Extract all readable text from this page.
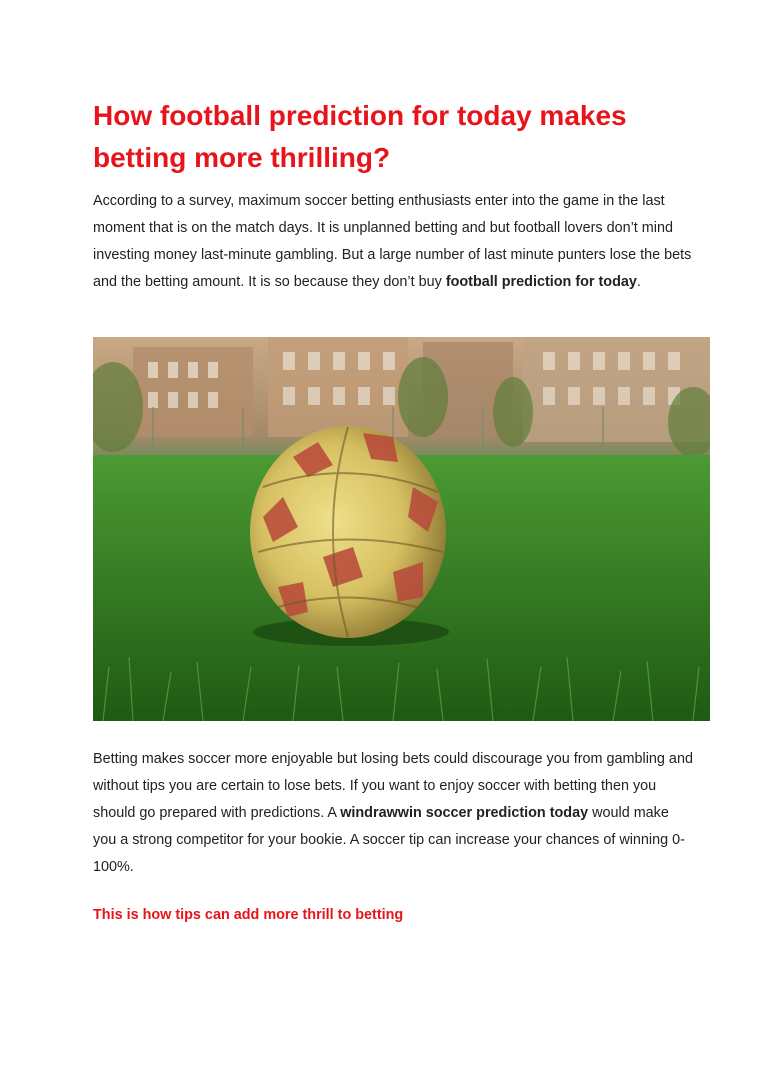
How football prediction for today makes betting more thrilling?

According to a survey, maximum soccer betting enthusiasts enter into the game in the last moment that is on the match days. It is unplanned betting and but football lovers don’t mind investing money last-minute gambling. But a large number of last minute punters lose the bets and the betting amount. It is so because they don’t buy football prediction for today.

Betting makes soccer more enjoyable but losing bets could discourage you from gambling and without tips you are certain to lose bets. If you want to enjoy soccer with betting then you should go prepared with predictions. A windrawwin soccer prediction today would make you a strong competitor for your bookie. A soccer tip can increase your chances of winning 0-100%.

This is how tips can add more thrill to betting
